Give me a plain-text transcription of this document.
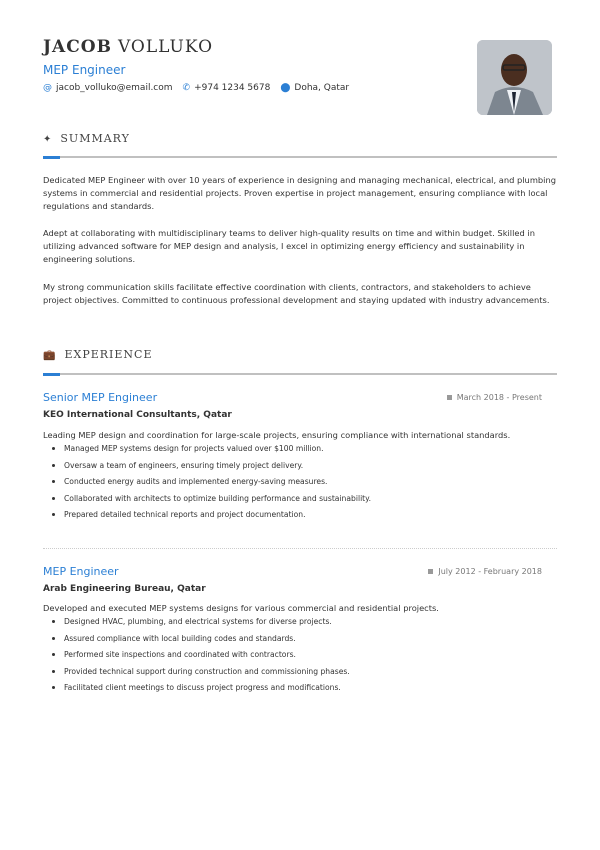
JACOB VOLLUKO
MEP Engineer
@ jacob_volluko@email.com ✆ +974 1234 5678 ⬤ Doha, Qatar
✦ SUMMARY
Dedicated MEP Engineer with over 10 years of experience in designing and managing mechanical, electrical, and plumbing systems in commercial and residential projects. Proven expertise in project management, ensuring compliance with local regulations and standards.
Adept at collaborating with multidisciplinary teams to deliver high-quality results on time and within budget. Skilled in utilizing advanced software for MEP design and analysis, I excel in optimizing energy efficiency and sustainability in engineering solutions.
My strong communication skills facilitate effective coordination with clients, contractors, and stakeholders to achieve project objectives. Committed to continuous professional development and staying updated with industry advancements.
💼 EXPERIENCE
Senior MEP Engineer	March 2018 - Present
KEO International Consultants, Qatar
Leading MEP design and coordination for large-scale projects, ensuring compliance with international standards.
Managed MEP systems design for projects valued over $100 million.
Oversaw a team of engineers, ensuring timely project delivery.
Conducted energy audits and implemented energy-saving measures.
Collaborated with architects to optimize building performance and sustainability.
Prepared detailed technical reports and project documentation.
MEP Engineer	July 2012 - February 2018
Arab Engineering Bureau, Qatar
Developed and executed MEP systems designs for various commercial and residential projects.
Designed HVAC, plumbing, and electrical systems for diverse projects.
Assured compliance with local building codes and standards.
Performed site inspections and coordinated with contractors.
Provided technical support during construction and commissioning phases.
Facilitated client meetings to discuss project progress and modifications.
